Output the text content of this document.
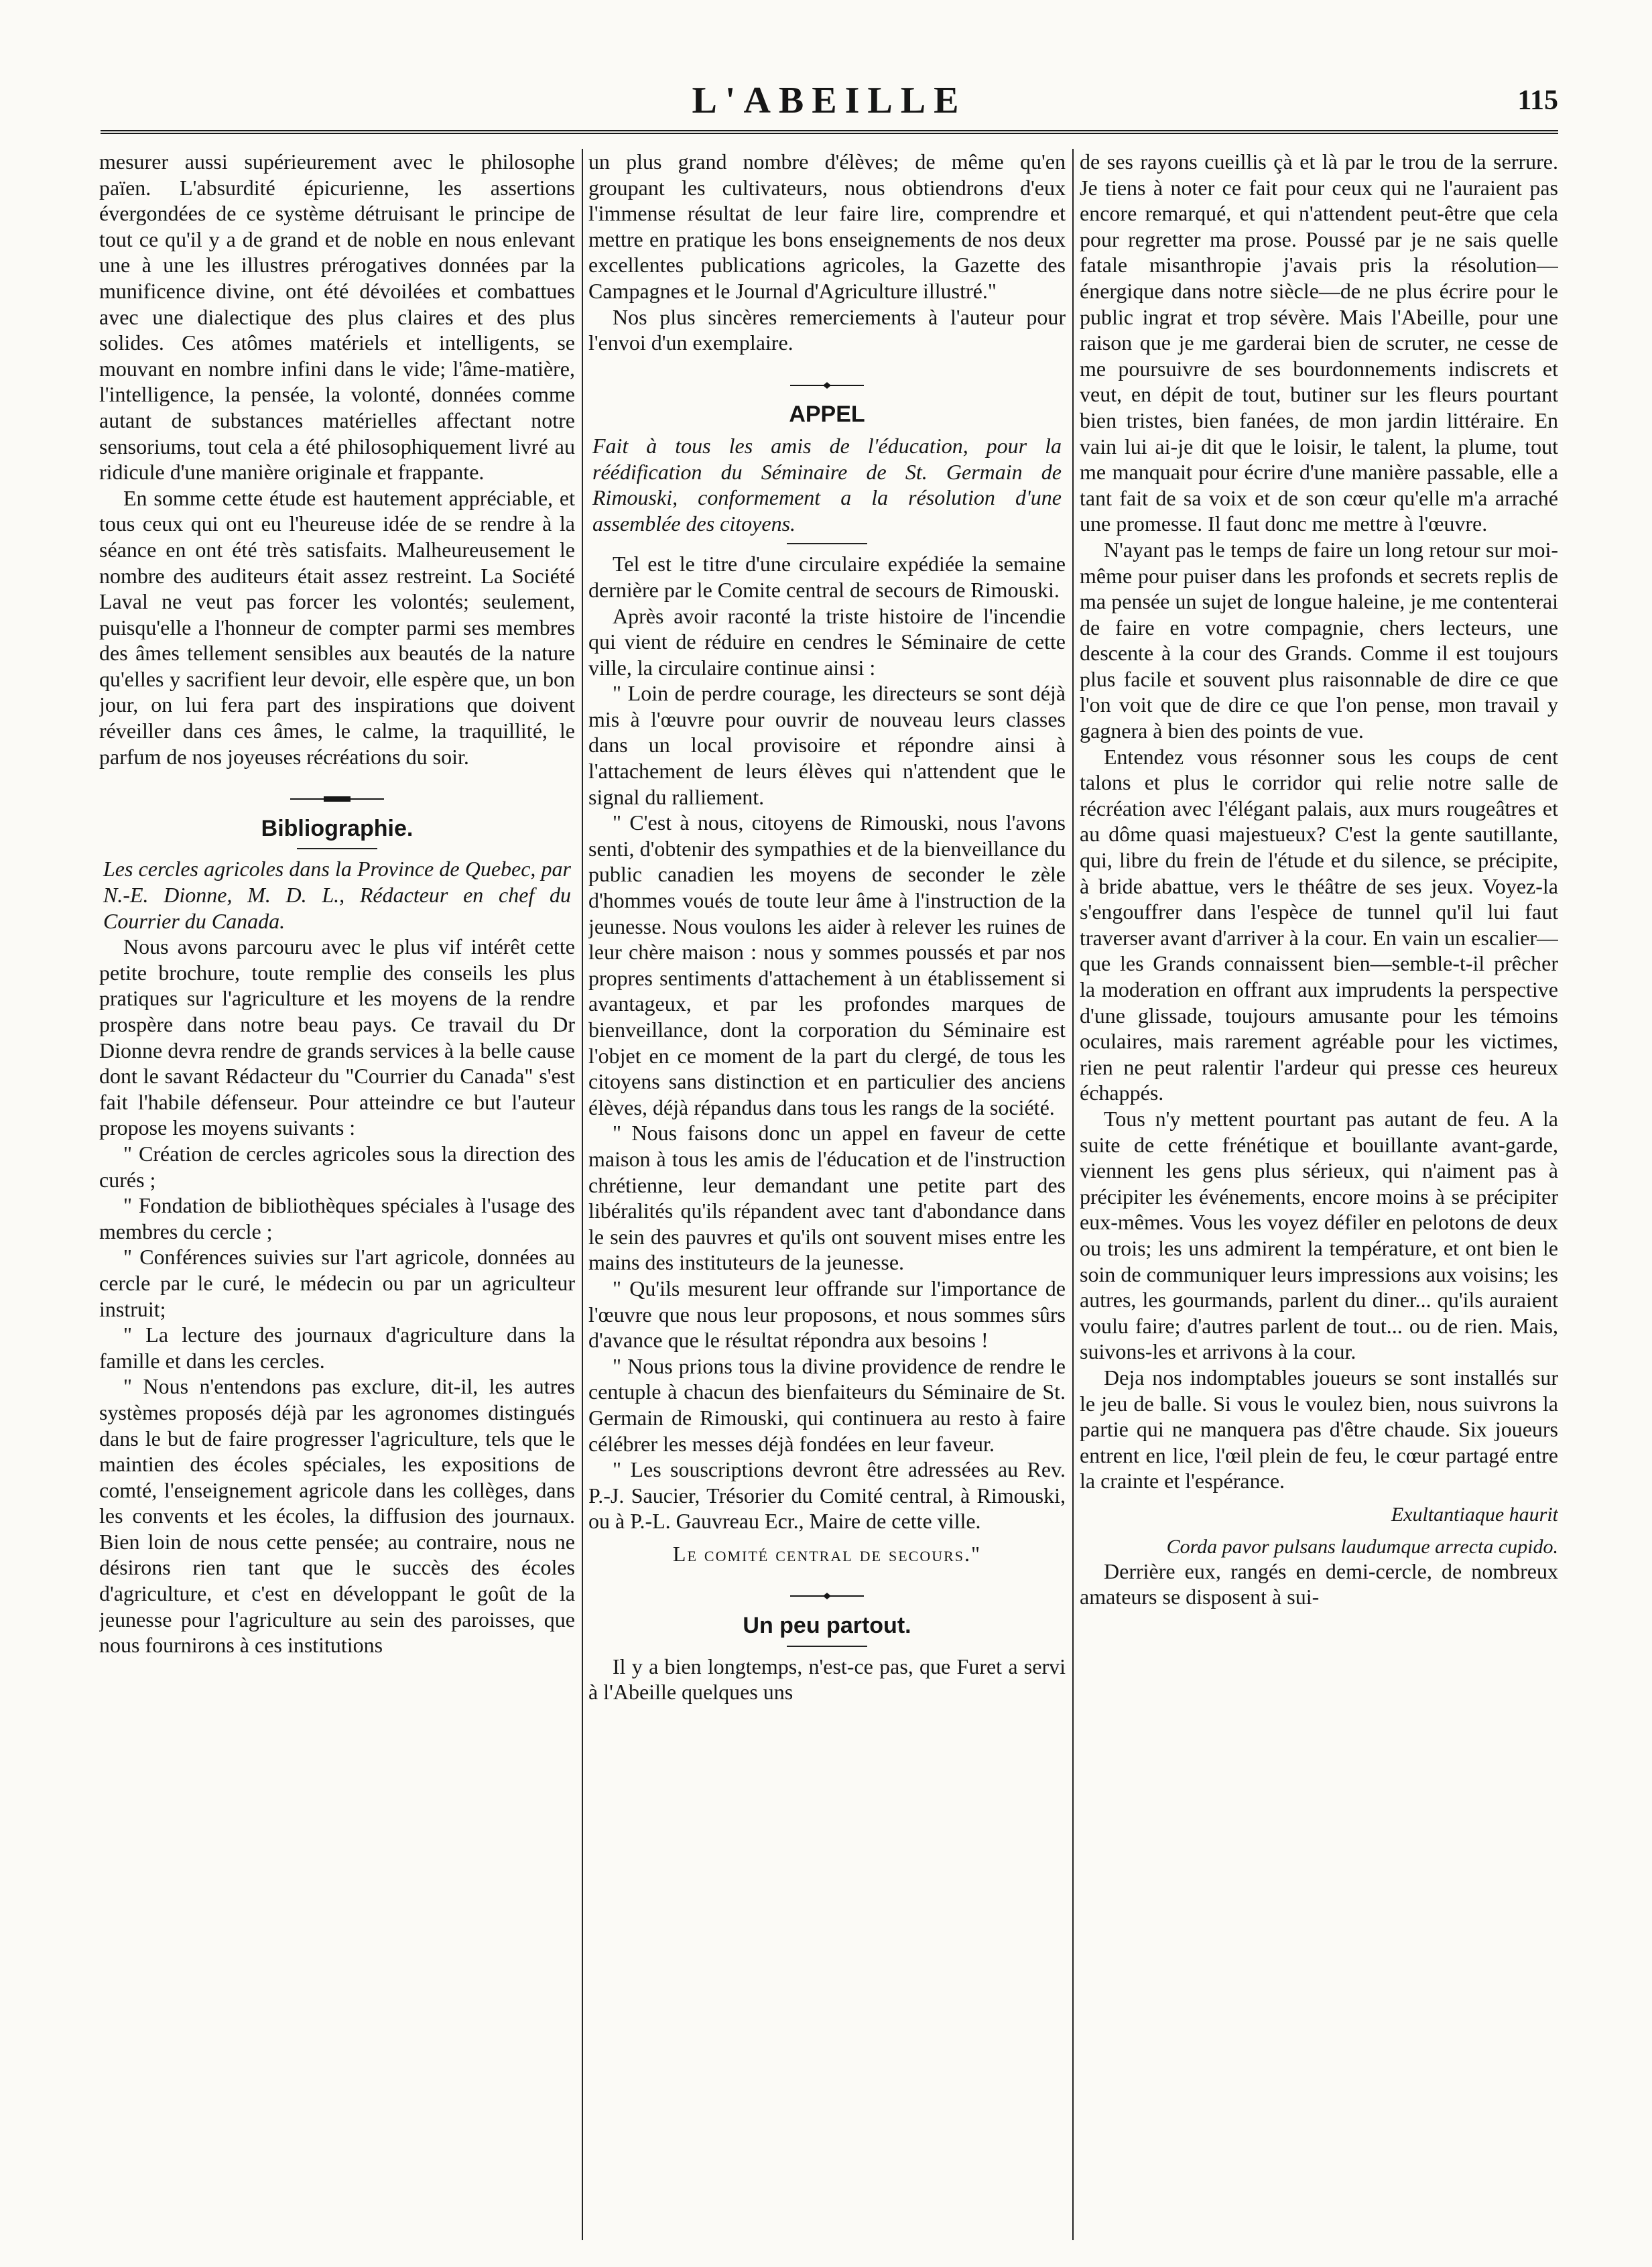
L'ABEILLE	115

mesurer aussi supérieurement avec le philosophe païen. L'absurdité épicurienne, les assertions évergondées de ce système détruisant le principe de tout ce qu'il y a de grand et de noble en nous enlevant une à une les illustres prérogatives données par la munificence divine, ont été dévoilées et combattues avec une dialectique des plus claires et des plus solides. Ces atômes matériels et intelligents, se mouvant en nombre infini dans le vide; l'âme-matière, l'intelligence, la pensée, la volonté, données comme autant de substances matérielles affectant notre sensoriums, tout cela a été philosophiquement livré au ridicule d'une manière originale et frappante.

En somme cette étude est hautement appréciable, et tous ceux qui ont eu l'heureuse idée de se rendre à la séance en ont été très satisfaits. Malheureusement le nombre des auditeurs était assez restreint. La Société Laval ne veut pas forcer les volontés; seulement, puisqu'elle a l'honneur de compter parmi ses membres des âmes tellement sensibles aux beautés de la nature qu'elles y sacrifient leur devoir, elle espère que, un bon jour, on lui fera part des inspirations que doivent réveiller dans ces âmes, le calme, la traquillité, le parfum de nos joyeuses récréations du soir.

Bibliographie.

Les cercles agricoles dans la Province de Quebec, par N.-E. Dionne, M. D. L., Rédacteur en chef du Courrier du Canada.

Nous avons parcouru avec le plus vif intérêt cette petite brochure, toute remplie des conseils les plus pratiques sur l'agriculture et les moyens de la rendre prospère dans notre beau pays. Ce travail du Dr Dionne devra rendre de grands services à la belle cause dont le savant Rédacteur du "Courrier du Canada" s'est fait l'habile défenseur. Pour atteindre ce but l'auteur propose les moyens suivants :

" Création de cercles agricoles sous la direction des curés ;

" Fondation de bibliothèques spéciales à l'usage des membres du cercle ;

" Conférences suivies sur l'art agricole, données au cercle par le curé, le médecin ou par un agriculteur instruit;

" La lecture des journaux d'agriculture dans la famille et dans les cercles.

" Nous n'entendons pas exclure, dit-il, les autres systèmes proposés déjà par les agronomes distingués dans le but de faire progresser l'agriculture, tels que le maintien des écoles spéciales, les expositions de comté, l'enseignement agricole dans les collèges, dans les convents et les écoles, la diffusion des journaux. Bien loin de nous cette pensée; au contraire, nous ne désirons rien tant que le succès des écoles d'agriculture, et c'est en développant le goût de la jeunesse pour l'agriculture au sein des paroisses, que nous fournirons à ces institutions

un plus grand nombre d'élèves; de même qu'en groupant les cultivateurs, nous obtiendrons d'eux l'immense résultat de leur faire lire, comprendre et mettre en pratique les bons enseignements de nos deux excellentes publications agricoles, la Gazette des Campagnes et le Journal d'Agriculture illustré."

Nos plus sincères remerciements à l'auteur pour l'envoi d'un exemplaire.

APPEL

Fait à tous les amis de l'éducation, pour la réédification du Séminaire de St. Germain de Rimouski, conformement a la résolution d'une assemblée des citoyens.

Tel est le titre d'une circulaire expédiée la semaine dernière par le Comite central de secours de Rimouski.

Après avoir raconté la triste histoire de l'incendie qui vient de réduire en cendres le Séminaire de cette ville, la circulaire continue ainsi :

" Loin de perdre courage, les directeurs se sont déjà mis à l'œuvre pour ouvrir de nouveau leurs classes dans un local provisoire et répondre ainsi à l'attachement de leurs élèves qui n'attendent que le signal du ralliement.

" C'est à nous, citoyens de Rimouski, nous l'avons senti, d'obtenir des sympathies et de la bienveillance du public canadien les moyens de seconder le zèle d'hommes voués de toute leur âme à l'instruction de la jeunesse. Nous voulons les aider à relever les ruines de leur chère maison : nous y sommes poussés et par nos propres sentiments d'attachement à un établissement si avantageux, et par les profondes marques de bienveillance, dont la corporation du Séminaire est l'objet en ce moment de la part du clergé, de tous les citoyens sans distinction et en particulier des anciens élèves, déjà répandus dans tous les rangs de la société.

" Nous faisons donc un appel en faveur de cette maison à tous les amis de l'éducation et de l'instruction chrétienne, leur demandant une petite part des libéralités qu'ils répandent avec tant d'abondance dans le sein des pauvres et qu'ils ont souvent mises entre les mains des instituteurs de la jeunesse.

" Qu'ils mesurent leur offrande sur l'importance de l'œuvre que nous leur proposons, et nous sommes sûrs d'avance que le résultat répondra aux besoins !

" Nous prions tous la divine providence de rendre le centuple à chacun des bienfaiteurs du Séminaire de St. Germain de Rimouski, qui continuera au resto à faire célébrer les messes déjà fondées en leur faveur.

" Les souscriptions devront être adressées au Rev. P.-J. Saucier, Trésorier du Comité central, à Rimouski, ou à P.-L. Gauvreau Ecr., Maire de cette ville.

Le comité central de secours."

Un peu partout.

Il y a bien longtemps, n'est-ce pas, que Furet a servi à l'Abeille quelques uns

de ses rayons cueillis çà et là par le trou de la serrure. Je tiens à noter ce fait pour ceux qui ne l'auraient pas encore remarqué, et qui n'attendent peut-être que cela pour regretter ma prose. Poussé par je ne sais quelle fatale misanthropie j'avais pris la résolution—énergique dans notre siècle—de ne plus écrire pour le public ingrat et trop sévère. Mais l'Abeille, pour une raison que je me garderai bien de scruter, ne cesse de me poursuivre de ses bourdonnements indiscrets et veut, en dépit de tout, butiner sur les fleurs pourtant bien tristes, bien fanées, de mon jardin littéraire. En vain lui ai-je dit que le loisir, le talent, la plume, tout me manquait pour écrire d'une manière passable, elle a tant fait de sa voix et de son cœur qu'elle m'a arraché une promesse. Il faut donc me mettre à l'œuvre.

N'ayant pas le temps de faire un long retour sur moi-même pour puiser dans les profonds et secrets replis de ma pensée un sujet de longue haleine, je me contenterai de faire en votre compagnie, chers lecteurs, une descente à la cour des Grands. Comme il est toujours plus facile et souvent plus raisonnable de dire ce que l'on voit que de dire ce que l'on pense, mon travail y gagnera à bien des points de vue.

Entendez vous résonner sous les coups de cent talons et plus le corridor qui relie notre salle de récréation avec l'élégant palais, aux murs rougeâtres et au dôme quasi majestueux? C'est la gente sautillante, qui, libre du frein de l'étude et du silence, se précipite, à bride abattue, vers le théâtre de ses jeux. Voyez-la s'engouffrer dans l'espèce de tunnel qu'il lui faut traverser avant d'arriver à la cour. En vain un escalier—que les Grands connaissent bien—semble-t-il prêcher la moderation en offrant aux imprudents la perspective d'une glissade, toujours amusante pour les témoins oculaires, mais rarement agréable pour les victimes, rien ne peut ralentir l'ardeur qui presse ces heureux échappés.

Tous n'y mettent pourtant pas autant de feu. A la suite de cette frénétique et bouillante avant-garde, viennent les gens plus sérieux, qui n'aiment pas à précipiter les événements, encore moins à se précipiter eux-mêmes. Vous les voyez défiler en pelotons de deux ou trois; les uns admirent la température, et ont bien le soin de communiquer leurs impressions aux voisins; les autres, les gourmands, parlent du diner... qu'ils auraient voulu faire; d'autres parlent de tout... ou de rien. Mais, suivons-les et arrivons à la cour.

Deja nos indomptables joueurs se sont installés sur le jeu de balle. Si vous le voulez bien, nous suivrons la partie qui ne manquera pas d'être chaude. Six joueurs entrent en lice, l'œil plein de feu, le cœur partagé entre la crainte et l'espérance.

Exultantiaque haurit

Corda pavor pulsans laudumque arrecta cupido.

Derrière eux, rangés en demi-cercle, de nombreux amateurs se disposent à sui-
